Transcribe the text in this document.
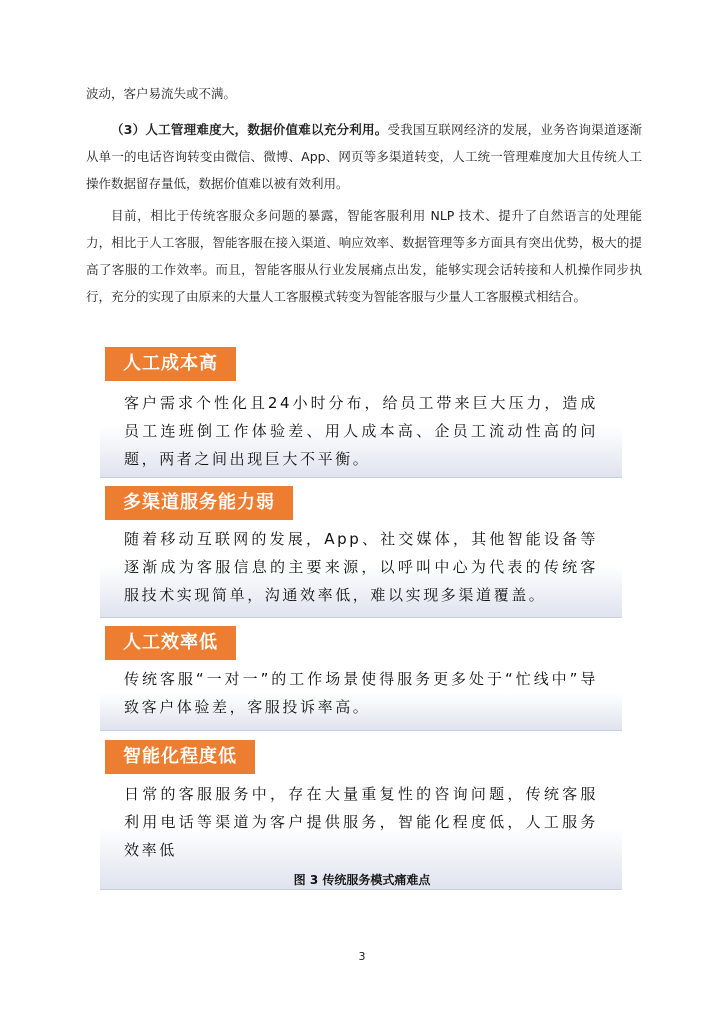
波动，客户易流失或不满。

（3）人工管理难度大，数据价值难以充分利用。受我国互联网经济的发展，业务咨询渠道逐渐从单一的电话咨询转变由微信、微博、App、网页等多渠道转变，人工统一管理难度加大且传统人工操作数据留存量低，数据价值难以被有效利用。

目前，相比于传统客服众多问题的暴露，智能客服利用 NLP 技术、提升了自然语言的处理能力，相比于人工客服，智能客服在接入渠道、响应效率、数据管理等多方面具有突出优势，极大的提高了客服的工作效率。而且，智能客服从行业发展痛点出发，能够实现会话转接和人机操作同步执行，充分的实现了由原来的大量人工客服模式转变为智能客服与少量人工客服模式相结合。

客户需求个性化且24小时分布，给员工带来巨大压力，造成员工连班倒工作体验差、用人成本高、企员工流动性高的问题，两者之间出现巨大不平衡。

人工成本高

随着移动互联网的发展，App、社交媒体，其他智能设备等逐渐成为客服信息的主要来源，以呼叫中心为代表的传统客服技术实现简单，沟通效率低，难以实现多渠道覆盖。

多渠道服务能力弱

传统客服“一对一”的工作场景使得服务更多处于“忙线中”导致客户体验差，客服投诉率高。

人工效率低

日常的客服服务中，存在大量重复性的咨询问题，传统客服利用电话等渠道为客户提供服务，智能化程度低，人工服务效率低

智能化程度低
图 3 传统服务模式痛难点
3
